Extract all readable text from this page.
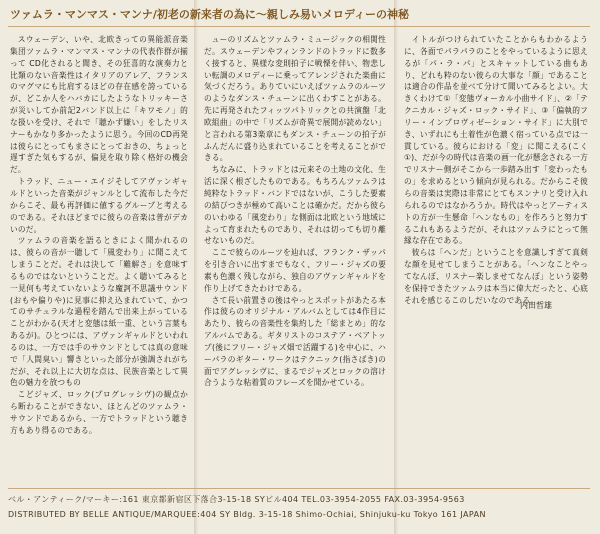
ツァムラ・マンマス・マンナ/初老の新来者の為に〜親しみ易いメロディーの神秘

スウェーデン、いや、北欧きっての異能派音楽集団ツァムラ・マンマス・マンナの代表作群が揃って CD化されると聞き、その狂喜的な演奏力と比類のない音楽性はイタリアのアレア、フランスのマグマにも比肩するほどの存在感を誇っているが、どこか人をハバカにしたようなトリッキーさが災いしてか前記2バンド以上に「キワモノ」的な扱いを受け、それで「聴かず嫌い」をしたリスナーもかなり多かったように思う。今回のCD再発は彼らにとってもまさにとっておきの、ちょっと遅すぎた気もするが、偏見を取り除く格好の機会だ。

トラッド、ニュー・エイジそしてアヴァンギャルドといった音楽がジャンルとして流布した今だからこそ、最も再評価に値するグループと考えるのである。それほどまでに彼らの音楽は普がデカいのだ。

ツァムラの音楽を語るときによく聞かれるのは、彼らの音が一聴して「風変わり」に聞こえてしまうことだ。それは決して「難解さ」を意味するものではないということだ。よく聴いてみると一見何も考えていないような魔訶不思議サウンド(おもや偏りや)に見事に抑え込まれていて、かつてのサチュラルな過程を踏んで出来上がっていることがわかる(天才と変態は紙一重、という言葉もあるが)。ひとつには、アヴァンギャルドといわれるのは、一方では手のサウンドとしては真の意味で「人間臭い」響きといった部分が強調されがちだが、それ以上に大切な点は、民族音楽として異色の魅力を放つもの

こどジャズ、ロック(プログレッシヴ)の観点から断わることができない、ほとんどのツァムラ・サウンドであるから、一方でトラッドという聴き方もあり得るのである。

ューのリズムとツァムラ・ミュージックの相関性だ。スウェーデンやフィンランドのトラッドに数多く接すると、異様な変則拍子に戦慄を伴い、物悲しい転調のメロディーに乗ってアレンジされた楽曲に気づくだろう。ありていにいえばツァムラのルーツのようなダンス・チューンに出くわすことがある。先に再発されたフィッツパトリックとの共演盤「北欧組曲」の中で「リズムが奇異で展開が読めない」と言われる第3楽章にもダンス・チューンの拍子がふんだんに盛り込まれていることを考えることができる。

ちなみに、トラッドとは元来その土地の文化、生活に深く根ざしたものである。もちろんツァムラは純粋なトラッド・バンドではないが、こうした要素の結びつきが極めて高いことは確かだ。だから彼らのいわゆる「風変わり」な側面は北欧という地域によって育まれたものであり、それは切っても切り離せないものだ。

ここで彼らのルーツを辿れば、フランク・ザッパを引き合いに出すまでもなく、フリー・ジャズの要素も色濃く残しながら、独自のアヴァンギャルドを作り上げてきたわけである。

さて長い前置きの後はやっとスポットがあたる本作は彼らのオリジナル・アルバムとしては4作目にあたり、彼らの音楽性を集約した「総まとめ」的なアルバムである。ギタリストのコステア・ベアトップ(後にフリー・ジャズ畑で活躍する)を中心に、ハーパラのギター・ワークはテクニック(指さばき)の面でアグレッシヴに、まるでジャズとロックの溶け合うような粘着質のフレーズを聞かせている。

イトルがつけられていたことからもわかるように、各面でパラパラのことをやっているように思えるが「パ・ラ・パ」とスキャットしている曲もあり、どれも粋のない彼らの大事な「顔」であることは適合の作品を並べて分けて聞いてみるとよい。大きくわけて①「変態ヴォーカル小曲サイド」、②「テクニカル・ジャズ・ロック・サイド」、③「偏執的フリー・インプロヴィゼーション・サイド」に大別でき、いずれにも土着性が色濃く宿っている点では一貫している。彼らにおける「変」に聞こえる(こく①)、だが今の時代は音楽の画一化が懸念される一方でリスナー側がそこから一歩踏み出す「変わったもの」を求めるという傾向が見られる。だからこそ彼らの音楽は実際は非常にとてもスンナリと受け入れられるのではなかろうか。時代はやっとアーティストの方が一生懸命「へンなもの」を作ろうと努力するこれもあるようだが、それはツァムラにとって無縁な存在である。

彼らは「ヘンだ」ということを意識しすぎて真剣な顔を見せてしまうことがある。「ヘンなことやってなんぼ、リスナー楽しませてなんぼ」という姿勢を保持できたツァムラは本当に偉大だったと、心底それを感じるこのしだいなのである。

内田哲雄
ベル・アンティーク/マーキー:161 東京都新宿区下落合3-15-18 SYビル404 TEL.03-3954-2055 FAX.03-3954-9563
DISTRIBUTED BY BELLE ANTIQUE/MARQUEE:404 SY Bldg. 3-15-18 Shimo-Ochiai, Shinjuku-ku Tokyo 161 JAPAN
